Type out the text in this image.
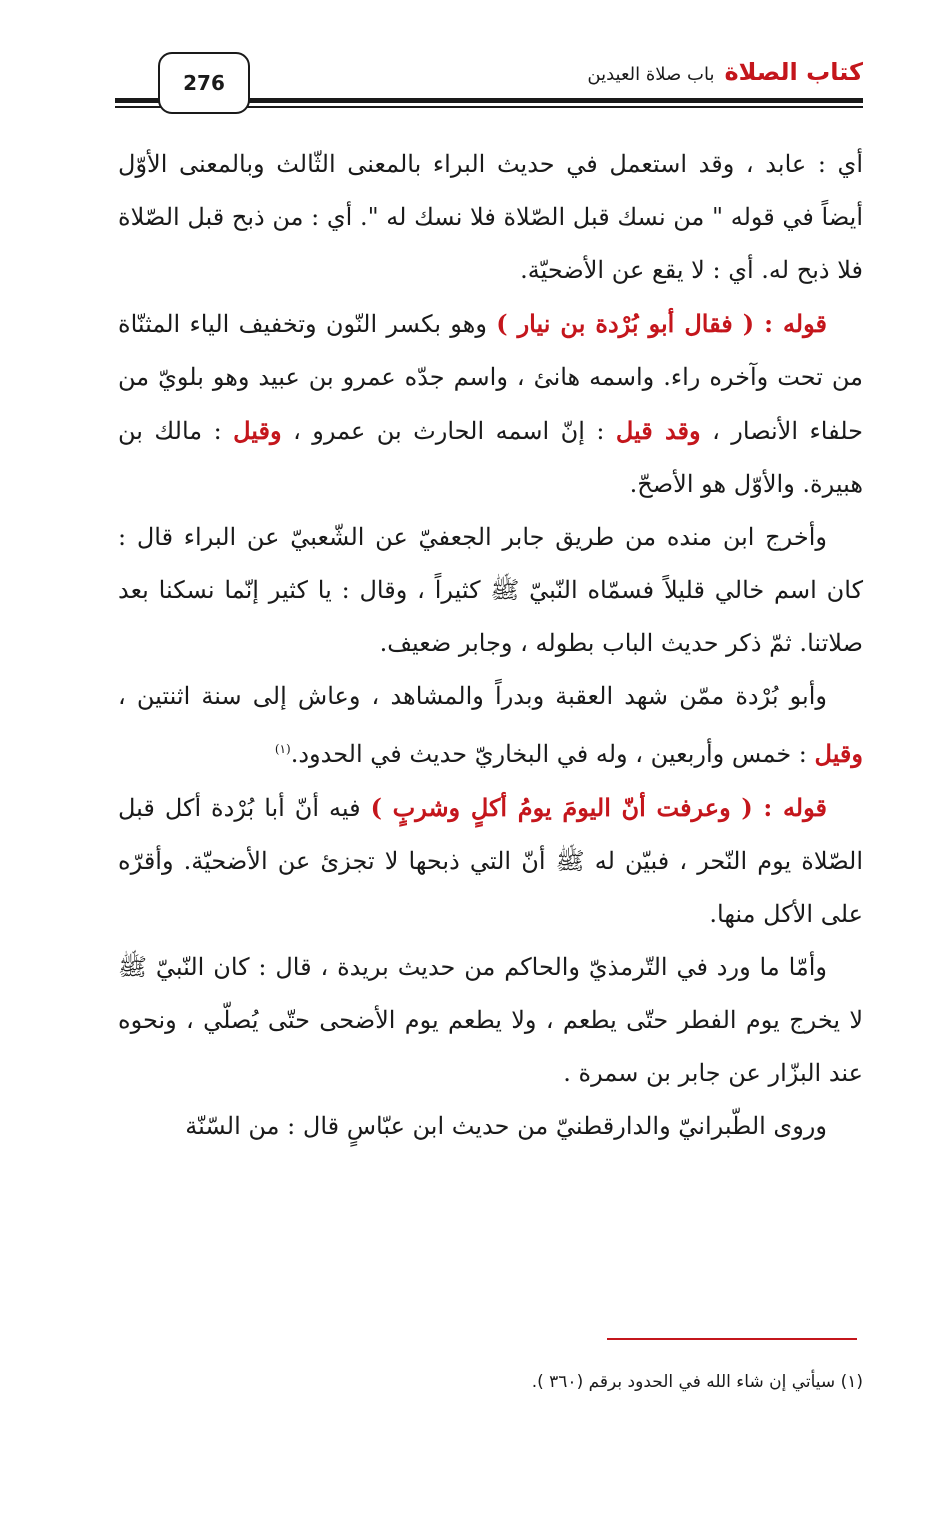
276	كتاب الصلاة
باب صلاة العيدين

أي : عابد ، وقد استعمل في حديث البراء بالمعنى الثّالث وبالمعنى الأوّل أيضاً في قوله " من نسك قبل الصّلاة فلا نسك له ". أي : من ذبح قبل الصّلاة فلا ذبح له. أي : لا يقع عن الأضحيّة.

قوله : ( فقال أبو بُرْدة بن نيار ) وهو بكسر النّون وتخفيف الياء المثنّاة من تحت وآخره راء. واسمه هانئ ، واسم جدّه عمرو بن عبيد وهو بلويّ من حلفاء الأنصار ، وقد قيل : إنّ اسمه الحارث بن عمرو ، وقيل : مالك بن هبيرة. والأوّل هو الأصحّ.

وأخرج ابن منده من طريق جابر الجعفيّ عن الشّعبيّ عن البراء قال : كان اسم خالي قليلاً فسمّاه النّبيّ ﷺ كثيراً ، وقال : يا كثير إنّما نسكنا بعد صلاتنا. ثمّ ذكر حديث الباب بطوله ، وجابر ضعيف.

وأبو بُرْدة ممّن شهد العقبة وبدراً والمشاهد ، وعاش إلى سنة اثنتين ، وقيل : خمس وأربعين ، وله في البخاريّ حديث في الحدود.$^{(١)}$

قوله : ( وعرفت أنّ اليومَ يومُ أكلٍ وشربٍ ) فيه أنّ أبا بُرْدة أكل قبل الصّلاة يوم النّحر ، فبيّن له ﷺ أنّ التي ذبحها لا تجزئ عن الأضحيّة. وأقرّه على الأكل منها.

وأمّا ما ورد في التّرمذيّ والحاكم من حديث بريدة ، قال : كان النّبيّ ﷺ لا يخرج يوم الفطر حتّى يطعم ، ولا يطعم يوم الأضحى حتّى يُصلّي ، ونحوه عند البزّار عن جابر بن سمرة .

وروى الطّبرانيّ والدارقطنيّ من حديث ابن عبّاسٍ قال : من السّنّة

(١) سيأتي إن شاء الله في الحدود برقم (٣٦٠ ).
